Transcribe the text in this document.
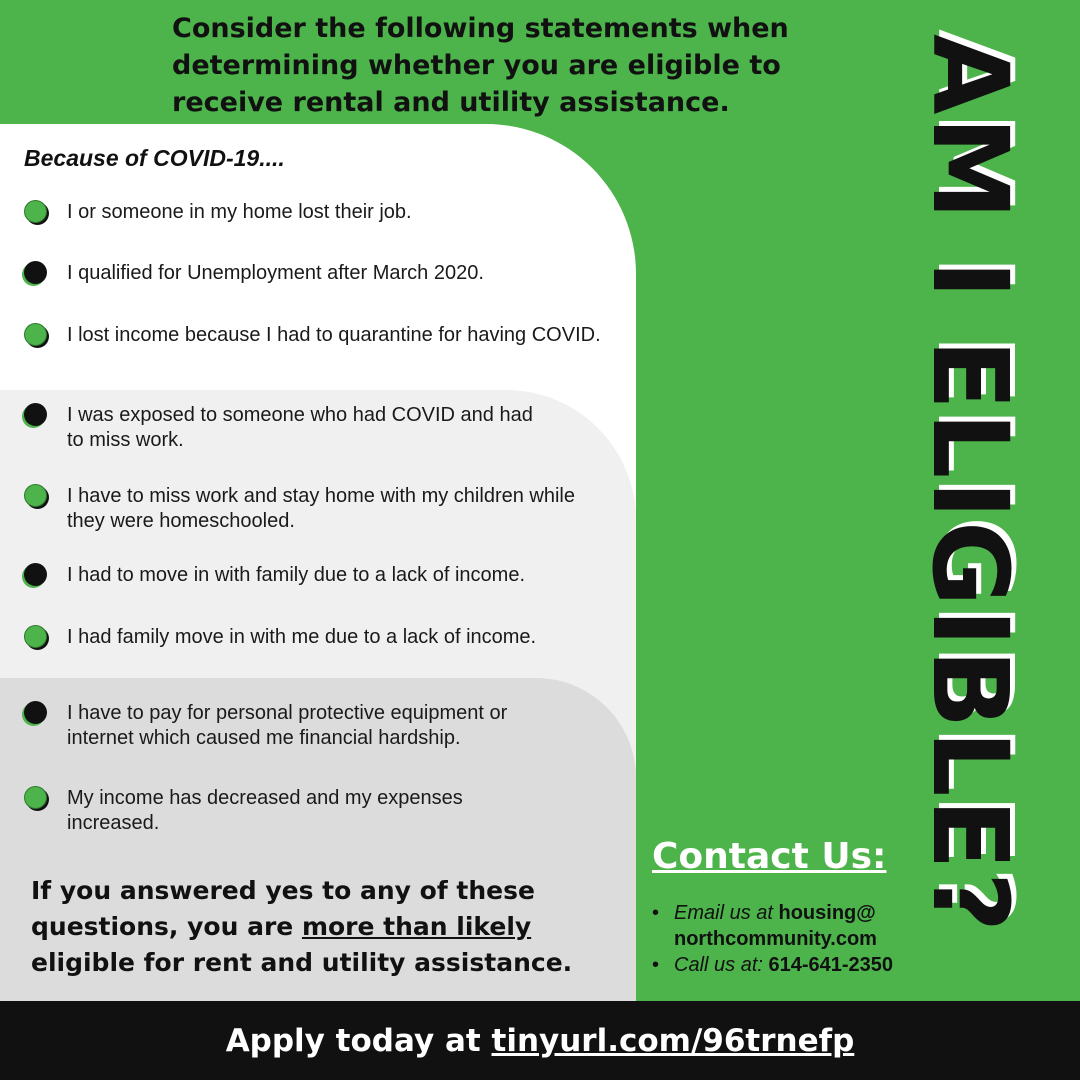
Consider the following statements when determining whether you are eligible to receive rental and utility assistance.

Because of COVID-19....

I or someone in my home lost their job.
I qualified for Unemployment after March 2020.
I lost income because I had to quarantine for having COVID.
I was exposed to someone who had COVID and had to miss work.
I have to miss work and stay home with my children while they were homeschooled.
I had to move in with family due to a lack of income.
I had family move in with me due to a lack of income.
I have to pay for personal protective equipment or internet which caused me financial hardship.
My income has decreased and my expenses increased.

If you answered yes to any of these questions, you are more than likely eligible for rent and utility assistance.

Contact Us:

• Email us at housing@ northcommunity.com
• Call us at: 614-641-2350
AM I ELIGIBLE?
Apply today at tinyurl.com/96trnefp
